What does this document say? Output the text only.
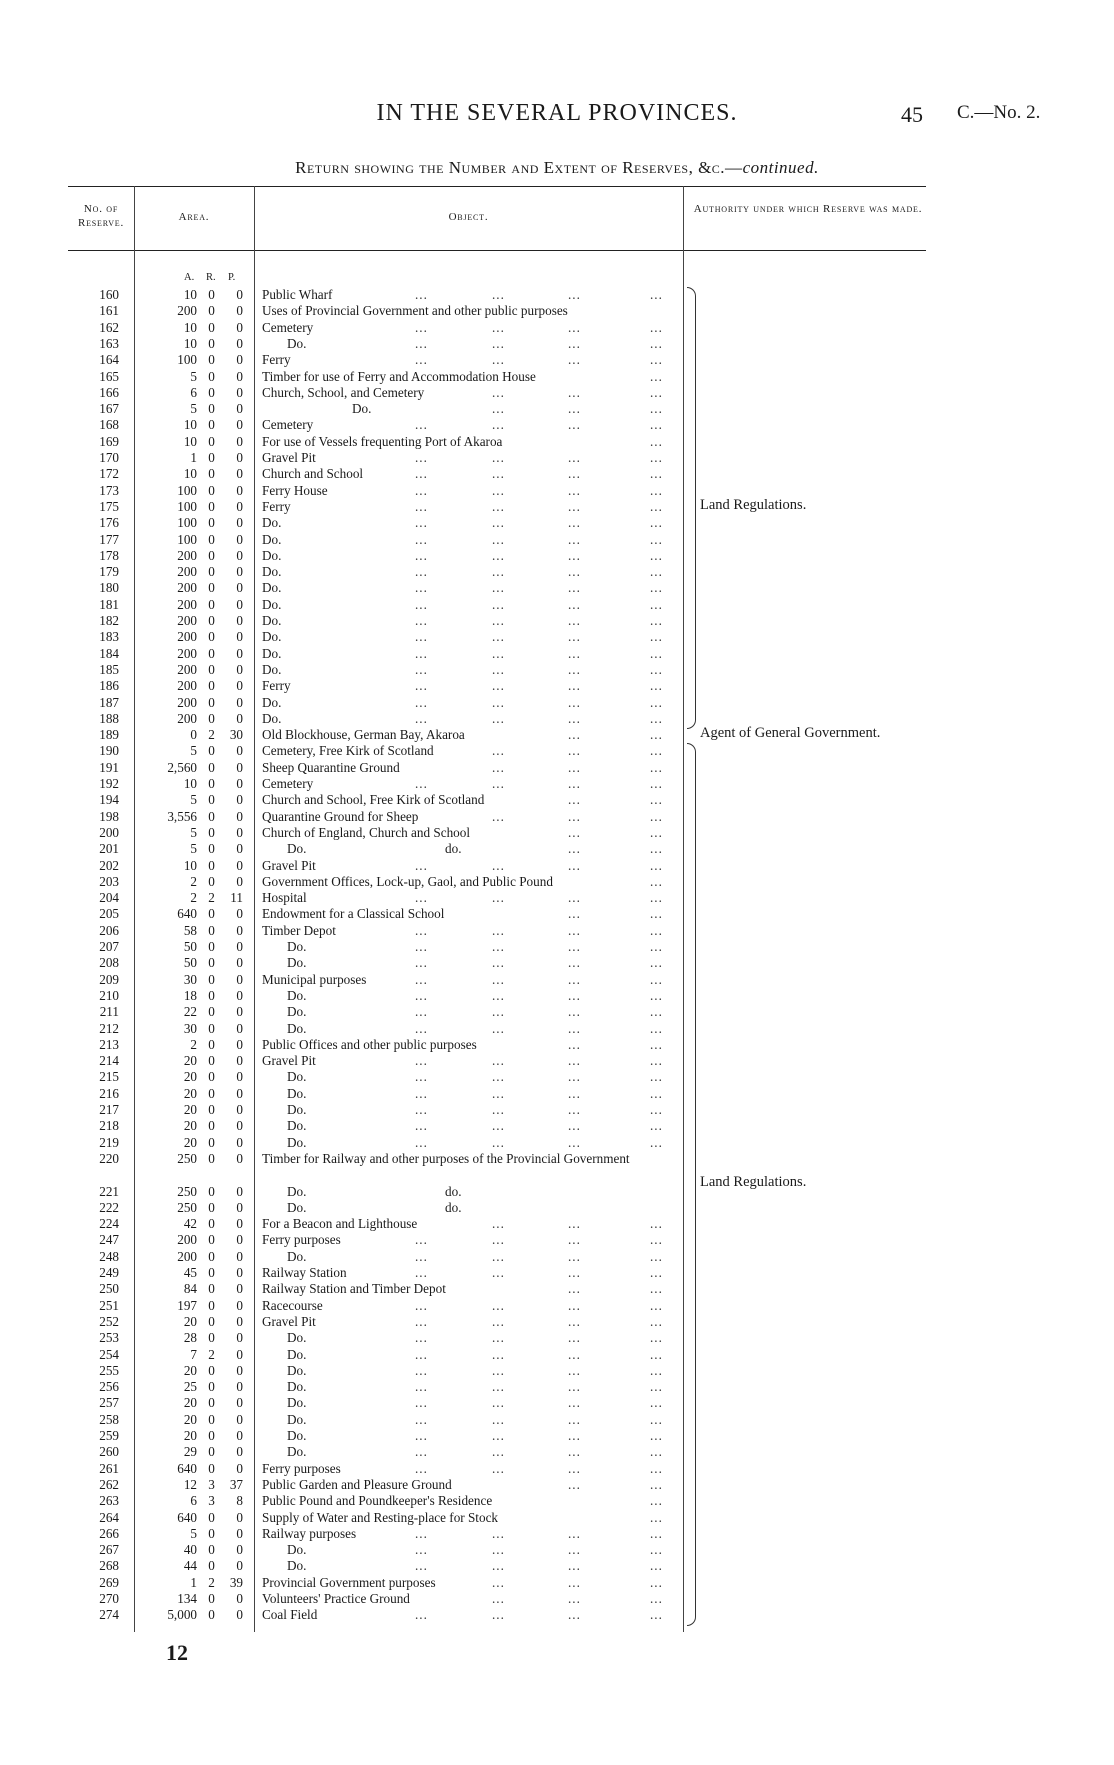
IN THE SEVERAL PROVINCES.	45 C.—No. 2.
Return showing the Number and Extent of Reserves, &c.—continued.
No. of Reserve.	Area.	Object.
Authority under which Reserve was made.
A. R. P.
160	10 0	0 Public Wharf	...	...	...	...
161	200 0	0 Uses of Provincial Government and other public purposes
162	10 0	0 Cemetery	...	...	...	...
163	10 0	0	Do.	...	...	...	...
164	100 0	0 Ferry	...	...	...	...
165	5 0	0 Timber for use of Ferry and Accommodation House	...
166	6 0	0 Church, School, and Cemetery	...	...	...
167	5 0	0	Do.	...	...	...
168	10 0	0 Cemetery	...	...	...	...
169	10 0	0 For use of Vessels frequenting Port of Akaroa	...
170	1 0	0 Gravel Pit	...	...	...	...
172	10 0	0 Church and School	...	...	...	...
173	100 0	0 Ferry House	...	...	...	...
175	100 0	0 Ferry	...	...	...	...
176	100 0	0 Do.	...	...	...	...
177	100 0	0 Do.	...	...	...	...
178	200 0	0 Do.	...	...	...	...
179	200 0	0 Do.	...	...	...	...
180	200 0	0 Do.	...	...	...	...
181	200 0	0 Do.	...	...	...	...
182	200 0	0 Do.	...	...	...	...
183	200 0	0 Do.	...	...	...	...
184	200 0	0 Do.	...	...	...	...
185	200 0	0 Do.	...	...	...	...
186	200 0	0 Ferry	...	...	...	...
187	200 0	0 Do.	...	...	...	...
188	200 0	0 Do.	...	...	...	...
189	0 2	30 Old Blockhouse, German Bay, Akaroa	...	...
190	5 0	0 Cemetery, Free Kirk of Scotland	...	...	...
191	2,560 0	0 Sheep Quarantine Ground	...	...	...
192	10 0	0 Cemetery	...	...	...	...
194	5 0	0 Church and School, Free Kirk of Scotland	...	...
198	3,556 0	0 Quarantine Ground for Sheep	...	...	...
200	5 0	0 Church of England, Church and School	...	...
201	5 0	0	Do.	do.	...	...
202	10 0	0 Gravel Pit	...	...	...	...
203	2 0	0 Government Offices, Lock-up, Gaol, and Public Pound	...
204	2 2	11 Hospital	...	...	...	...
205	640 0	0 Endowment for a Classical School	...	...
206	58 0	0 Timber Depot	...	...	...	...
207	50 0	0	Do.	...	...	...	...
208	50 0	0	Do.	...	...	...	...
209	30 0	0 Municipal purposes	...	...	...	...
210	18 0	0	Do.	...	...	...	...
211	22 0	0	Do.	...	...	...	...
212	30 0	0	Do.	...	...	...	...
213	2 0	0 Public Offices and other public purposes	...	...
214	20 0	0 Gravel Pit	...	...	...	...
215	20 0	0	Do.	...	...	...	...
216	20 0	0	Do.	...	...	...	...
217	20 0	0	Do.	...	...	...	...
218	20 0	0	Do.	...	...	...	...
219	20 0	0	Do.	...	...	...	...
220	250 0	0 Timber for Railway and other purposes of the Provincial Government
221	250 0	0	Do.	do.
222	250 0	0	Do.	do.
224	42 0	0 For a Beacon and Lighthouse	...	...	...
247	200 0	0 Ferry purposes	...	...	...	...
248	200 0	0	Do.	...	...	...	...
249	45 0	0 Railway Station	...	...	...	...
250	84 0	0 Railway Station and Timber Depot	...	...
251	197 0	0 Racecourse	...	...	...	...
252	20 0	0 Gravel Pit	...	...	...	...
253	28 0	0	Do.	...	...	...	...
254	7 2	0	Do.	...	...	...	...
255	20 0	0	Do.	...	...	...	...
256	25 0	0	Do.	...	...	...	...
257	20 0	0	Do.	...	...	...	...
258	20 0	0	Do.	...	...	...	...
259	20 0	0	Do.	...	...	...	...
260	29 0	0	Do.	...	...	...	...
261	640 0	0 Ferry purposes	...	...	...	...
262	12 3	37 Public Garden and Pleasure Ground	...	...
263	6 3	8 Public Pound and Poundkeeper's Residence	...
264	640 0	0 Supply of Water and Resting-place for Stock	...
266	5 0	0 Railway purposes	...	...	...	...
267	40 0	0	Do.	...	...	...	...
268	44 0	0	Do.	...	...	...	...
269	1 2	39 Provincial Government purposes	...	...	...
270	134 0	0 Volunteers' Practice Ground	...	...	...
274	5,000 0	0 Coal Field	...	...	...	...
Land Regulations.
Agent of General Government.
Land Regulations.
12
